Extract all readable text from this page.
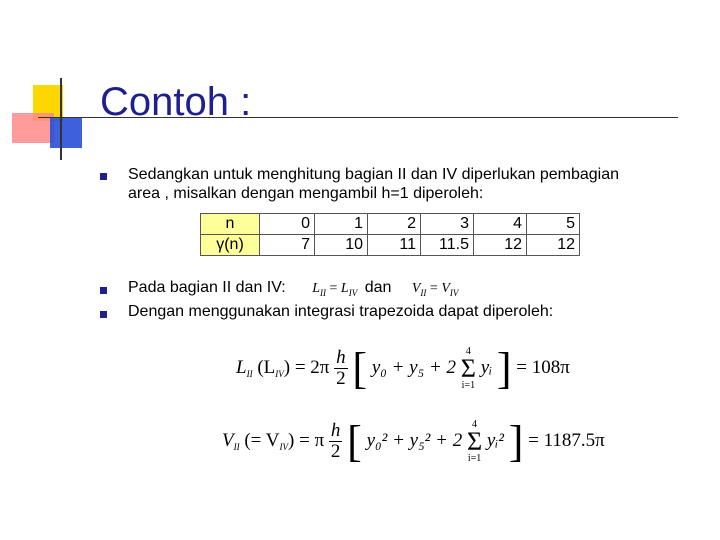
Contoh :
Sedangkan untuk menghitung bagian II dan IV diperlukan pembagian
area , misalkan dengan mengambil h=1 diperoleh:
n	0	1	2	3	4	5
γ(n)	7	10	11	11.5	12	12
Pada bagian II dan IV: $L_{II} = L_{IV}$ dan $V_{II} = V_{IV}$
Dengan menggunakan integrasi trapezoida dapat diperoleh:
$L_{II}$ $(L_{IV}) = 2\pi \frac{h}{2}$ [ y₀ + y₅ + 2
4
Σ
i=1
yᵢ ] = 108π
$V_{II}$ (= $V_{IV}) = \pi \frac{h}{2}$ [ y₀² + y₅² + 2
4
Σ
i=1
yᵢ² ] = 1187.5π
